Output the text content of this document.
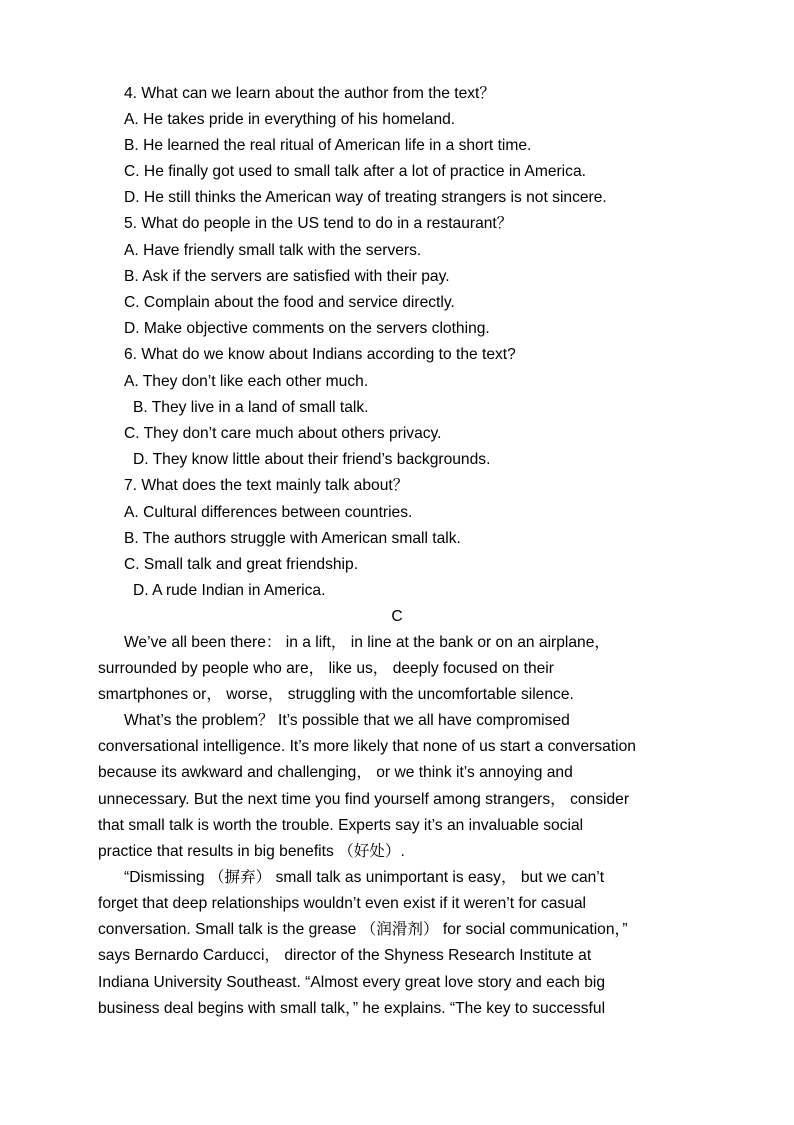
4. What can we learn about the author from the text？
A. He takes pride in everything of his homeland.
B. He learned the real ritual of American life in a short time.
C. He finally got used to small talk after a lot of practice in America.
D. He still thinks the American way of treating strangers is not sincere.
5. What do people in the US tend to do in a restaurant？
A. Have friendly small talk with the servers.
B. Ask if the servers are satisfied with their pay.
C. Complain about the food and service directly.
D. Make objective comments on the servers clothing.
6. What do we know about Indians according to the text?
A. They don’t like each other much.
B. They live in a land of small talk.
C. They don’t care much about others privacy.
D. They know little about their friend’s backgrounds.
7. What does the text mainly talk about？
A. Cultural differences between countries.
B. The authors struggle with American small talk.
C. Small talk and great friendship.
D. A rude Indian in America.
C
We’ve all been there： in a lift， in line at the bank or on an airplane，
surrounded by people who are， like us， deeply focused on their
smartphones or， worse， struggling with the uncomfortable silence.
What’s the problem？ It’s possible that we all have compromised
conversational intelligence. It’s more likely that none of us start a conversation
because its awkward and challenging， or we think it’s annoying and
unnecessary. But the next time you find yourself among strangers， consider
that small talk is worth the trouble. Experts say it’s an invaluable social
practice that results in big benefits （好处）.
“Dismissing （摒弃） small talk as unimportant is easy， but we can’t
forget that deep relationships wouldn’t even exist if it weren’t for casual
conversation. Small talk is the grease （润滑剂） for social communication，”
says Bernardo Carducci， director of the Shyness Research Institute at
Indiana University Southeast. “Almost every great love story and each big
business deal begins with small talk，” he explains. “The key to successful
